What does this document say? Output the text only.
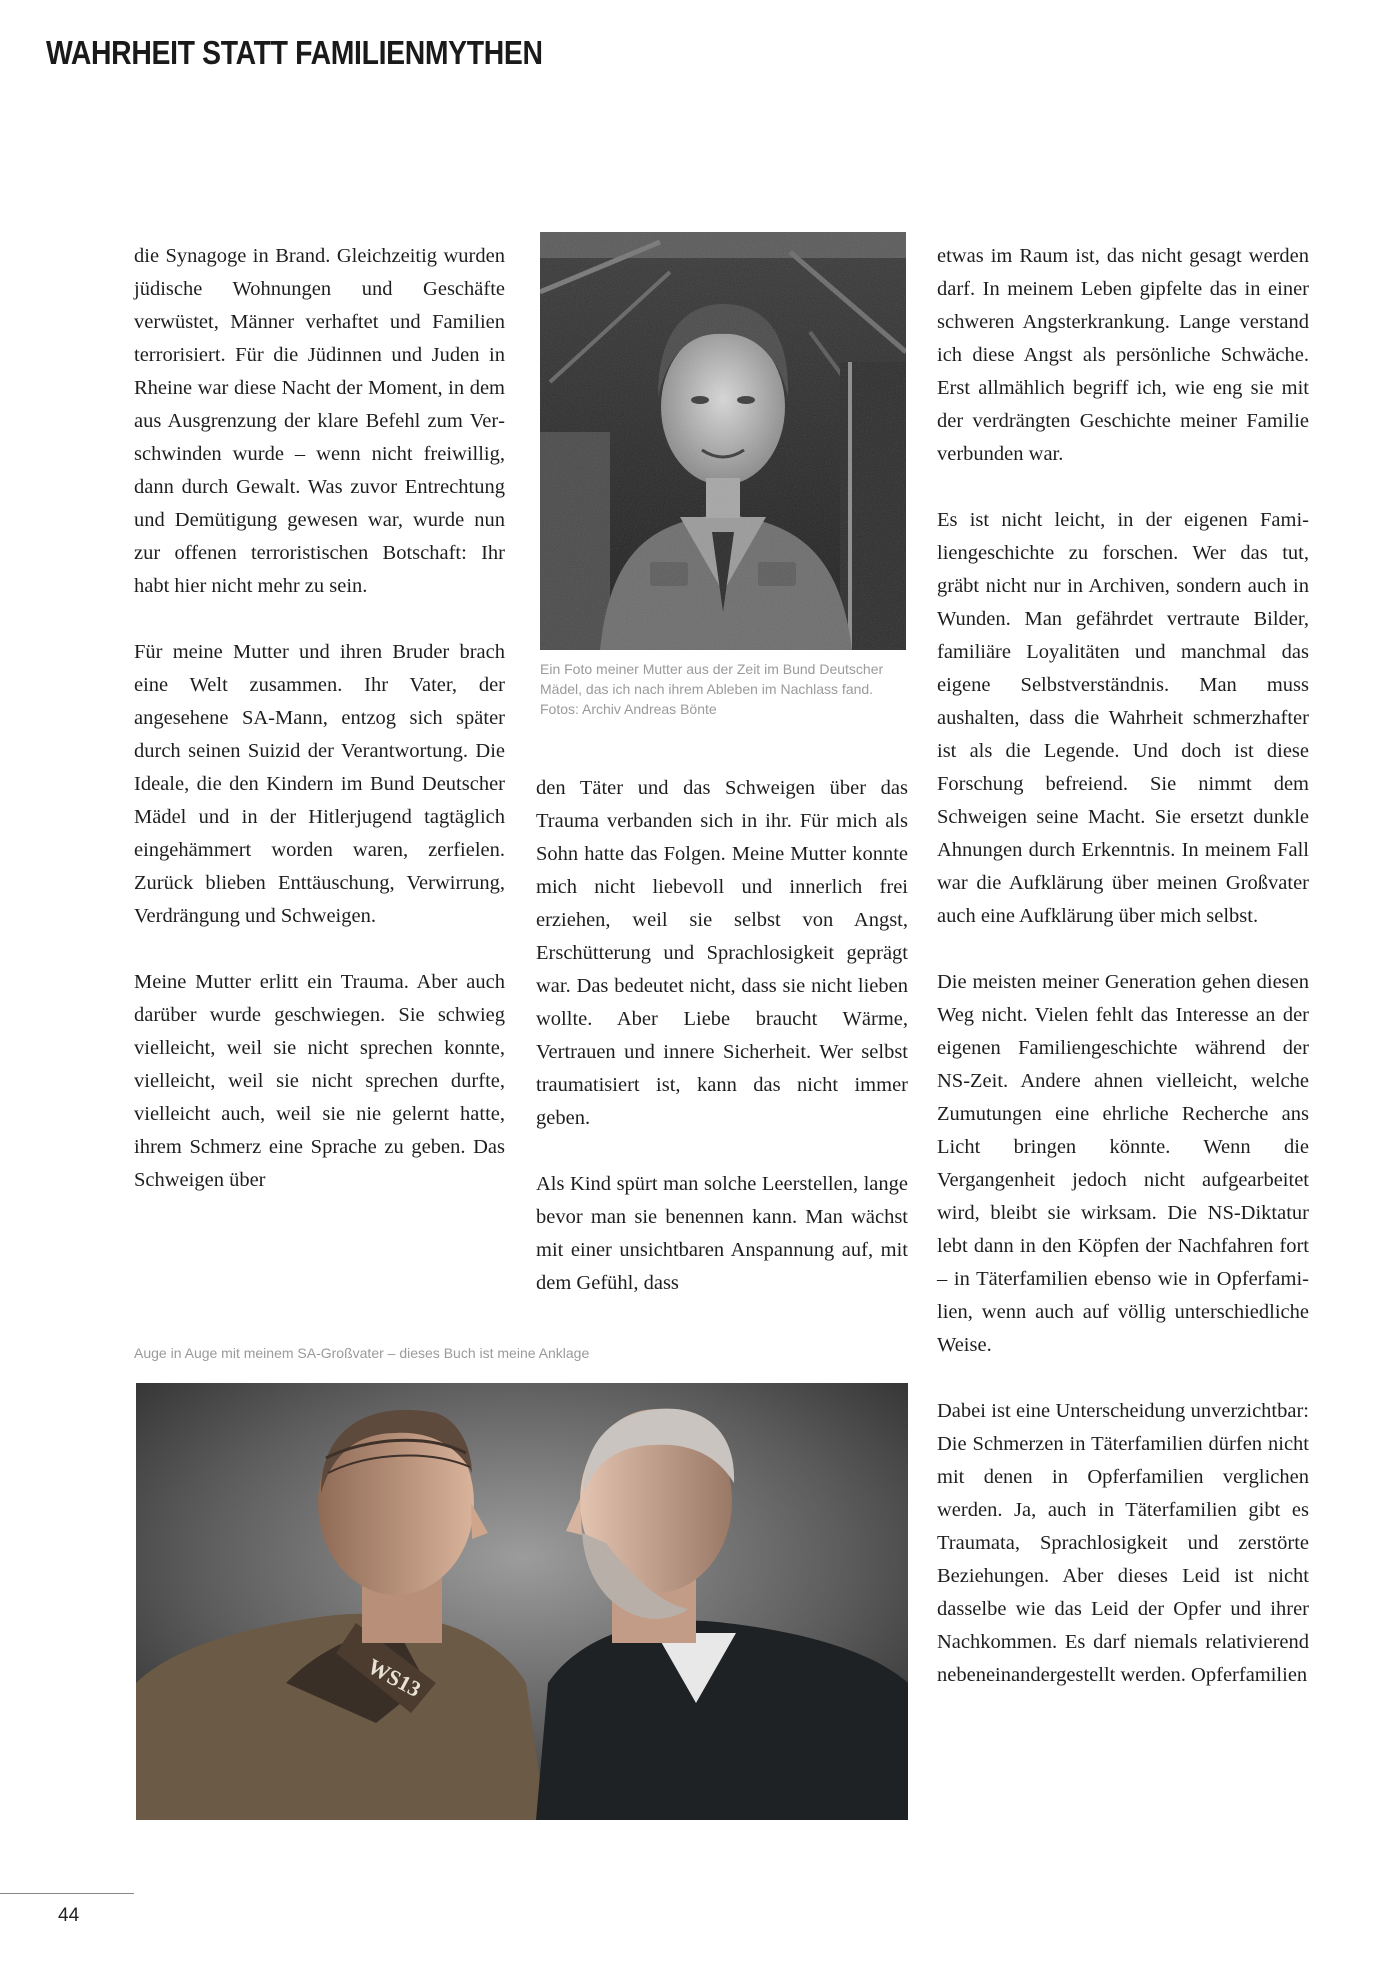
WAHRHEIT STATT FAMILIENMYTHEN

die Synagoge in Brand. Gleichzeitig wurden jüdische Wohnungen und Geschäfte verwüstet, Männer verhaftet und Familien terrorisiert. Für die Jüdinnen und Juden in Rheine war diese Nacht der Moment, in dem aus Ausgrenzung der klare Befehl zum Verschwinden wurde – wenn nicht freiwillig, dann durch Gewalt. Was zuvor Entrechtung und Demütigung gewesen war, wurde nun zur offenen terroristischen Botschaft: Ihr habt hier nicht mehr zu sein.

Für meine Mutter und ihren Bruder brach eine Welt zusammen. Ihr Vater, der angesehene SA-Mann, entzog sich später durch seinen Suizid der Verantwortung. Die Ideale, die den Kindern im Bund Deutscher Mädel und in der Hitlerjugend tagtäglich eingehämmert worden waren, zerfielen. Zurück blieben Enttäuschung, Verwirrung, Verdrängung und Schweigen.

Meine Mutter erlitt ein Trauma. Aber auch darüber wurde geschwiegen. Sie schwieg vielleicht, weil sie nicht sprechen konnte, vielleicht, weil sie nicht sprechen durfte, vielleicht auch, weil sie nie gelernt hatte, ihrem Schmerz eine Sprache zu geben. Das Schweigen über

Ein Foto meiner Mutter aus der Zeit im Bund Deutscher Mädel, das ich nach ihrem Ableben im Nachlass fand. Fotos: Archiv Andreas Bönte

den Täter und das Schweigen über das Trauma verbanden sich in ihr. Für mich als Sohn hatte das Folgen. Meine Mutter konnte mich nicht liebevoll und innerlich frei erziehen, weil sie selbst von Angst, Erschütterung und Sprachlosigkeit geprägt war. Das bedeutet nicht, dass sie nicht lieben wollte. Aber Liebe braucht Wärme, Vertrauen und innere Sicherheit. Wer selbst traumatisiert ist, kann das nicht immer geben.

Als Kind spürt man solche Leerstellen, lange bevor man sie benennen kann. Man wächst mit einer unsichtbaren Anspannung auf, mit dem Gefühl, dass

Auge in Auge mit meinem SA-Großvater – dieses Buch ist meine Anklage

WS13

etwas im Raum ist, das nicht gesagt werden darf. In meinem Leben gipfelte das in einer schweren Angsterkrankung. Lange verstand ich diese Angst als persönliche Schwäche. Erst allmählich begriff ich, wie eng sie mit der verdrängten Geschichte meiner Familie verbunden war.

Es ist nicht leicht, in der eigenen Familiengeschichte zu forschen. Wer das tut, gräbt nicht nur in Archiven, sondern auch in Wunden. Man gefährdet vertraute Bilder, familiäre Loyalitäten und manchmal das eigene Selbstverständnis. Man muss aushalten, dass die Wahrheit schmerzhafter ist als die Legende. Und doch ist diese Forschung befreiend. Sie nimmt dem Schweigen seine Macht. Sie ersetzt dunkle Ahnungen durch Erkenntnis. In meinem Fall war die Aufklärung über meinen Großvater auch eine Aufklärung über mich selbst.

Die meisten meiner Generation gehen diesen Weg nicht. Vielen fehlt das Interesse an der eigenen Familiengeschichte während der NS-Zeit. Andere ahnen vielleicht, welche Zumutungen eine ehrliche Recherche ans Licht bringen könnte. Wenn die Vergangenheit jedoch nicht aufgearbeitet wird, bleibt sie wirksam. Die NS-Diktatur lebt dann in den Köpfen der Nachfahren fort – in Täterfamilien ebenso wie in Opferfamilien, wenn auch auf völlig unterschiedliche Weise.

Dabei ist eine Unterscheidung unverzichtbar: Die Schmerzen in Täterfamilien dürfen nicht mit denen in Opferfamilien verglichen werden. Ja, auch in Täterfamilien gibt es Traumata, Sprachlosigkeit und zerstörte Beziehungen. Aber dieses Leid ist nicht dasselbe wie das Leid der Opfer und ihrer Nachkommen. Es darf niemals relativierend nebeneinandergestellt werden. Opferfamilien

44
